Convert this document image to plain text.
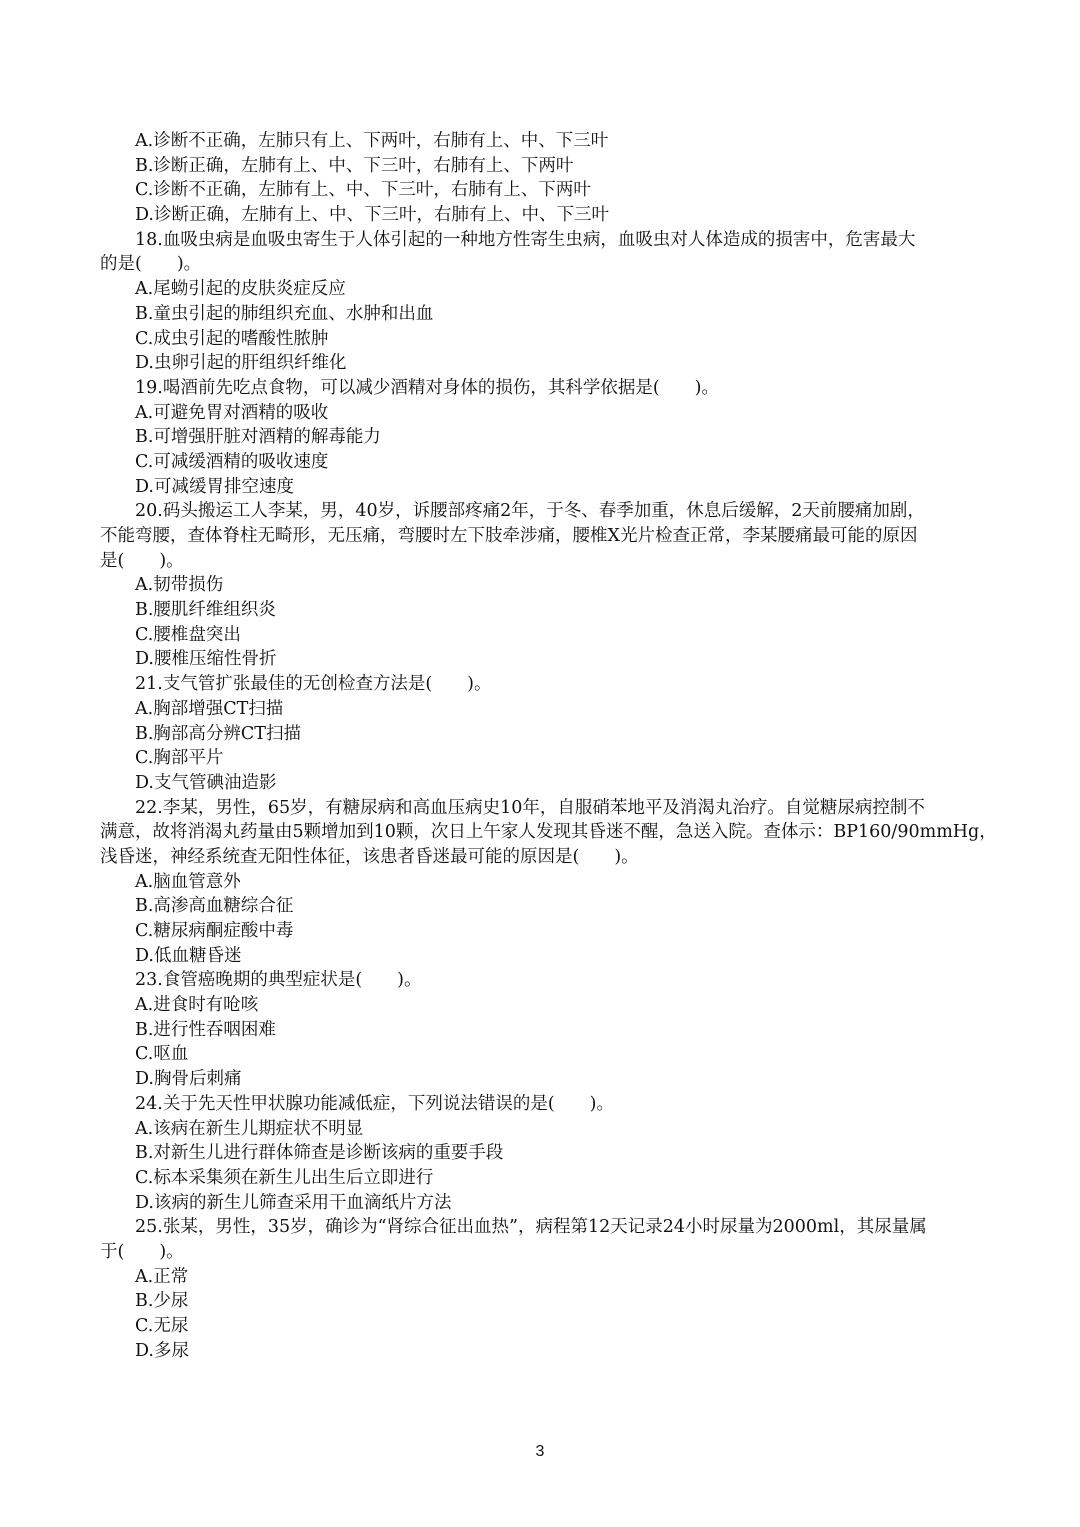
A.诊断不正确，左肺只有上、下两叶，右肺有上、中、下三叶
B.诊断正确，左肺有上、中、下三叶，右肺有上、下两叶
C.诊断不正确，左肺有上、中、下三叶，右肺有上、下两叶
D.诊断正确，左肺有上、中、下三叶，右肺有上、中、下三叶
18.血吸虫病是血吸虫寄生于人体引起的一种地方性寄生虫病，血吸虫对人体造成的损害中，危害最大
的是(　　)。
A.尾蚴引起的皮肤炎症反应
B.童虫引起的肺组织充血、水肿和出血
C.成虫引起的嗜酸性脓肿
D.虫卵引起的肝组织纤维化
19.喝酒前先吃点食物，可以减少酒精对身体的损伤，其科学依据是(　　)。
A.可避免胃对酒精的吸收
B.可增强肝脏对酒精的解毒能力
C.可减缓酒精的吸收速度
D.可减缓胃排空速度
20.码头搬运工人李某，男，40岁，诉腰部疼痛2年，于冬、春季加重，休息后缓解，2天前腰痛加剧，
不能弯腰，查体脊柱无畸形，无压痛，弯腰时左下肢牵涉痛，腰椎X光片检查正常，李某腰痛最可能的原因
是(　　)。
A.韧带损伤
B.腰肌纤维组织炎
C.腰椎盘突出
D.腰椎压缩性骨折
21.支气管扩张最佳的无创检查方法是(　　)。
A.胸部增强CT扫描
B.胸部高分辨CT扫描
C.胸部平片
D.支气管碘油造影
22.李某，男性，65岁，有糖尿病和高血压病史10年，自服硝苯地平及消渴丸治疗。自觉糖尿病控制不
满意，故将消渴丸药量由5颗增加到10颗，次日上午家人发现其昏迷不醒，急送入院。查体示：BP160/90mmHg，
浅昏迷，神经系统查无阳性体征，该患者昏迷最可能的原因是(　　)。
A.脑血管意外
B.高渗高血糖综合征
C.糖尿病酮症酸中毒
D.低血糖昏迷
23.食管癌晚期的典型症状是(　　)。
A.进食时有呛咳
B.进行性吞咽困难
C.呕血
D.胸骨后刺痛
24.关于先天性甲状腺功能减低症，下列说法错误的是(　　)。
A.该病在新生儿期症状不明显
B.对新生儿进行群体筛查是诊断该病的重要手段
C.标本采集须在新生儿出生后立即进行
D.该病的新生儿筛查采用干血滴纸片方法
25.张某，男性，35岁，确诊为“肾综合征出血热”，病程第12天记录24小时尿量为2000ml，其尿量属
于(　　)。
A.正常
B.少尿
C.无尿
D.多尿
3
